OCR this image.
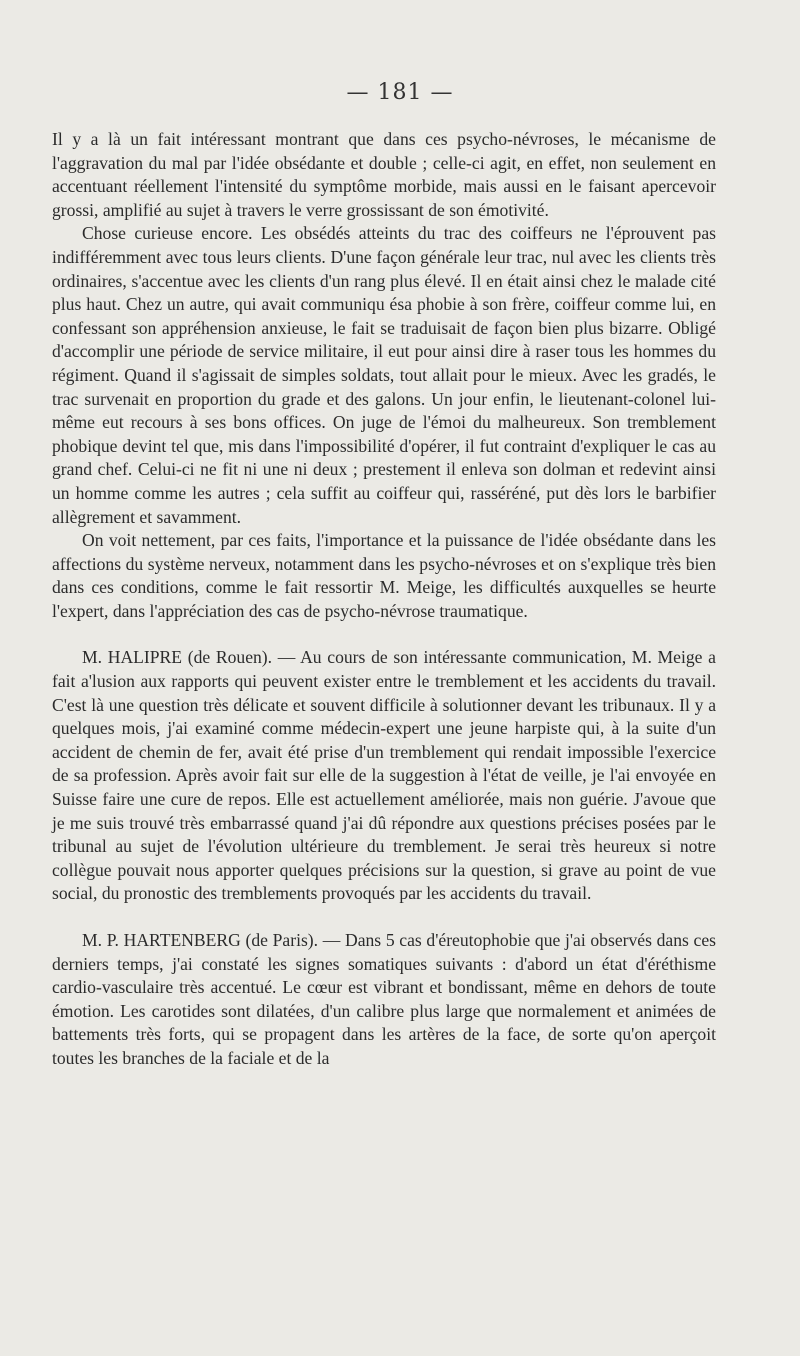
— 181 —

Il y a là un fait intéressant montrant que dans ces psycho-névroses, le mécanisme de l'aggravation du mal par l'idée obsédante et double ; celle-ci agit, en effet, non seulement en accentuant réellement l'intensité du symptôme morbide, mais aussi en le faisant apercevoir grossi, amplifié au sujet à travers le verre grossissant de son émotivité.

Chose curieuse encore. Les obsédés atteints du trac des coiffeurs ne l'éprouvent pas indifféremment avec tous leurs clients. D'une façon générale leur trac, nul avec les clients très ordinaires, s'accentue avec les clients d'un rang plus élevé. Il en était ainsi chez le malade cité plus haut. Chez un autre, qui avait communiqu ésa phobie à son frère, coiffeur comme lui, en confessant son appréhension anxieuse, le fait se traduisait de façon bien plus bizarre. Obligé d'accomplir une période de service militaire, il eut pour ainsi dire à raser tous les hommes du régiment. Quand il s'agissait de simples soldats, tout allait pour le mieux. Avec les gradés, le trac survenait en proportion du grade et des galons. Un jour enfin, le lieutenant-colonel lui-même eut recours à ses bons offices. On juge de l'émoi du malheureux. Son tremblement phobique devint tel que, mis dans l'impossibilité d'opérer, il fut contraint d'expliquer le cas au grand chef. Celui-ci ne fit ni une ni deux ; prestement il enleva son dolman et redevint ainsi un homme comme les autres ; cela suffit au coiffeur qui, rasséréné, put dès lors le barbifier allègrement et savamment.

On voit nettement, par ces faits, l'importance et la puissance de l'idée obsédante dans les affections du système nerveux, notamment dans les psycho-névroses et on s'explique très bien dans ces conditions, comme le fait ressortir M. Meige, les difficultés auxquelles se heurte l'expert, dans l'appréciation des cas de psycho-névrose traumatique.

M. HALIPRE (de Rouen). — Au cours de son intéressante communication, M. Meige a fait a'lusion aux rapports qui peuvent exister entre le tremblement et les accidents du travail. C'est là une question très délicate et souvent difficile à solutionner devant les tribunaux. Il y a quelques mois, j'ai examiné comme médecin-expert une jeune harpiste qui, à la suite d'un accident de chemin de fer, avait été prise d'un tremblement qui rendait impossible l'exercice de sa profession. Après avoir fait sur elle de la suggestion à l'état de veille, je l'ai envoyée en Suisse faire une cure de repos. Elle est actuellement améliorée, mais non guérie. J'avoue que je me suis trouvé très embarrassé quand j'ai dû répondre aux questions précises posées par le tribunal au sujet de l'évolution ultérieure du tremblement. Je serai très heureux si notre collègue pouvait nous apporter quelques précisions sur la question, si grave au point de vue social, du pronostic des tremblements provoqués par les accidents du travail.

M. P. HARTENBERG (de Paris). — Dans 5 cas d'éreutophobie que j'ai observés dans ces derniers temps, j'ai constaté les signes somatiques suivants : d'abord un état d'éréthisme cardio-vasculaire très accentué. Le cœur est vibrant et bondissant, même en dehors de toute émotion. Les carotides sont dilatées, d'un calibre plus large que normalement et animées de battements très forts, qui se propagent dans les artères de la face, de sorte qu'on aperçoit toutes les branches de la faciale et de la
